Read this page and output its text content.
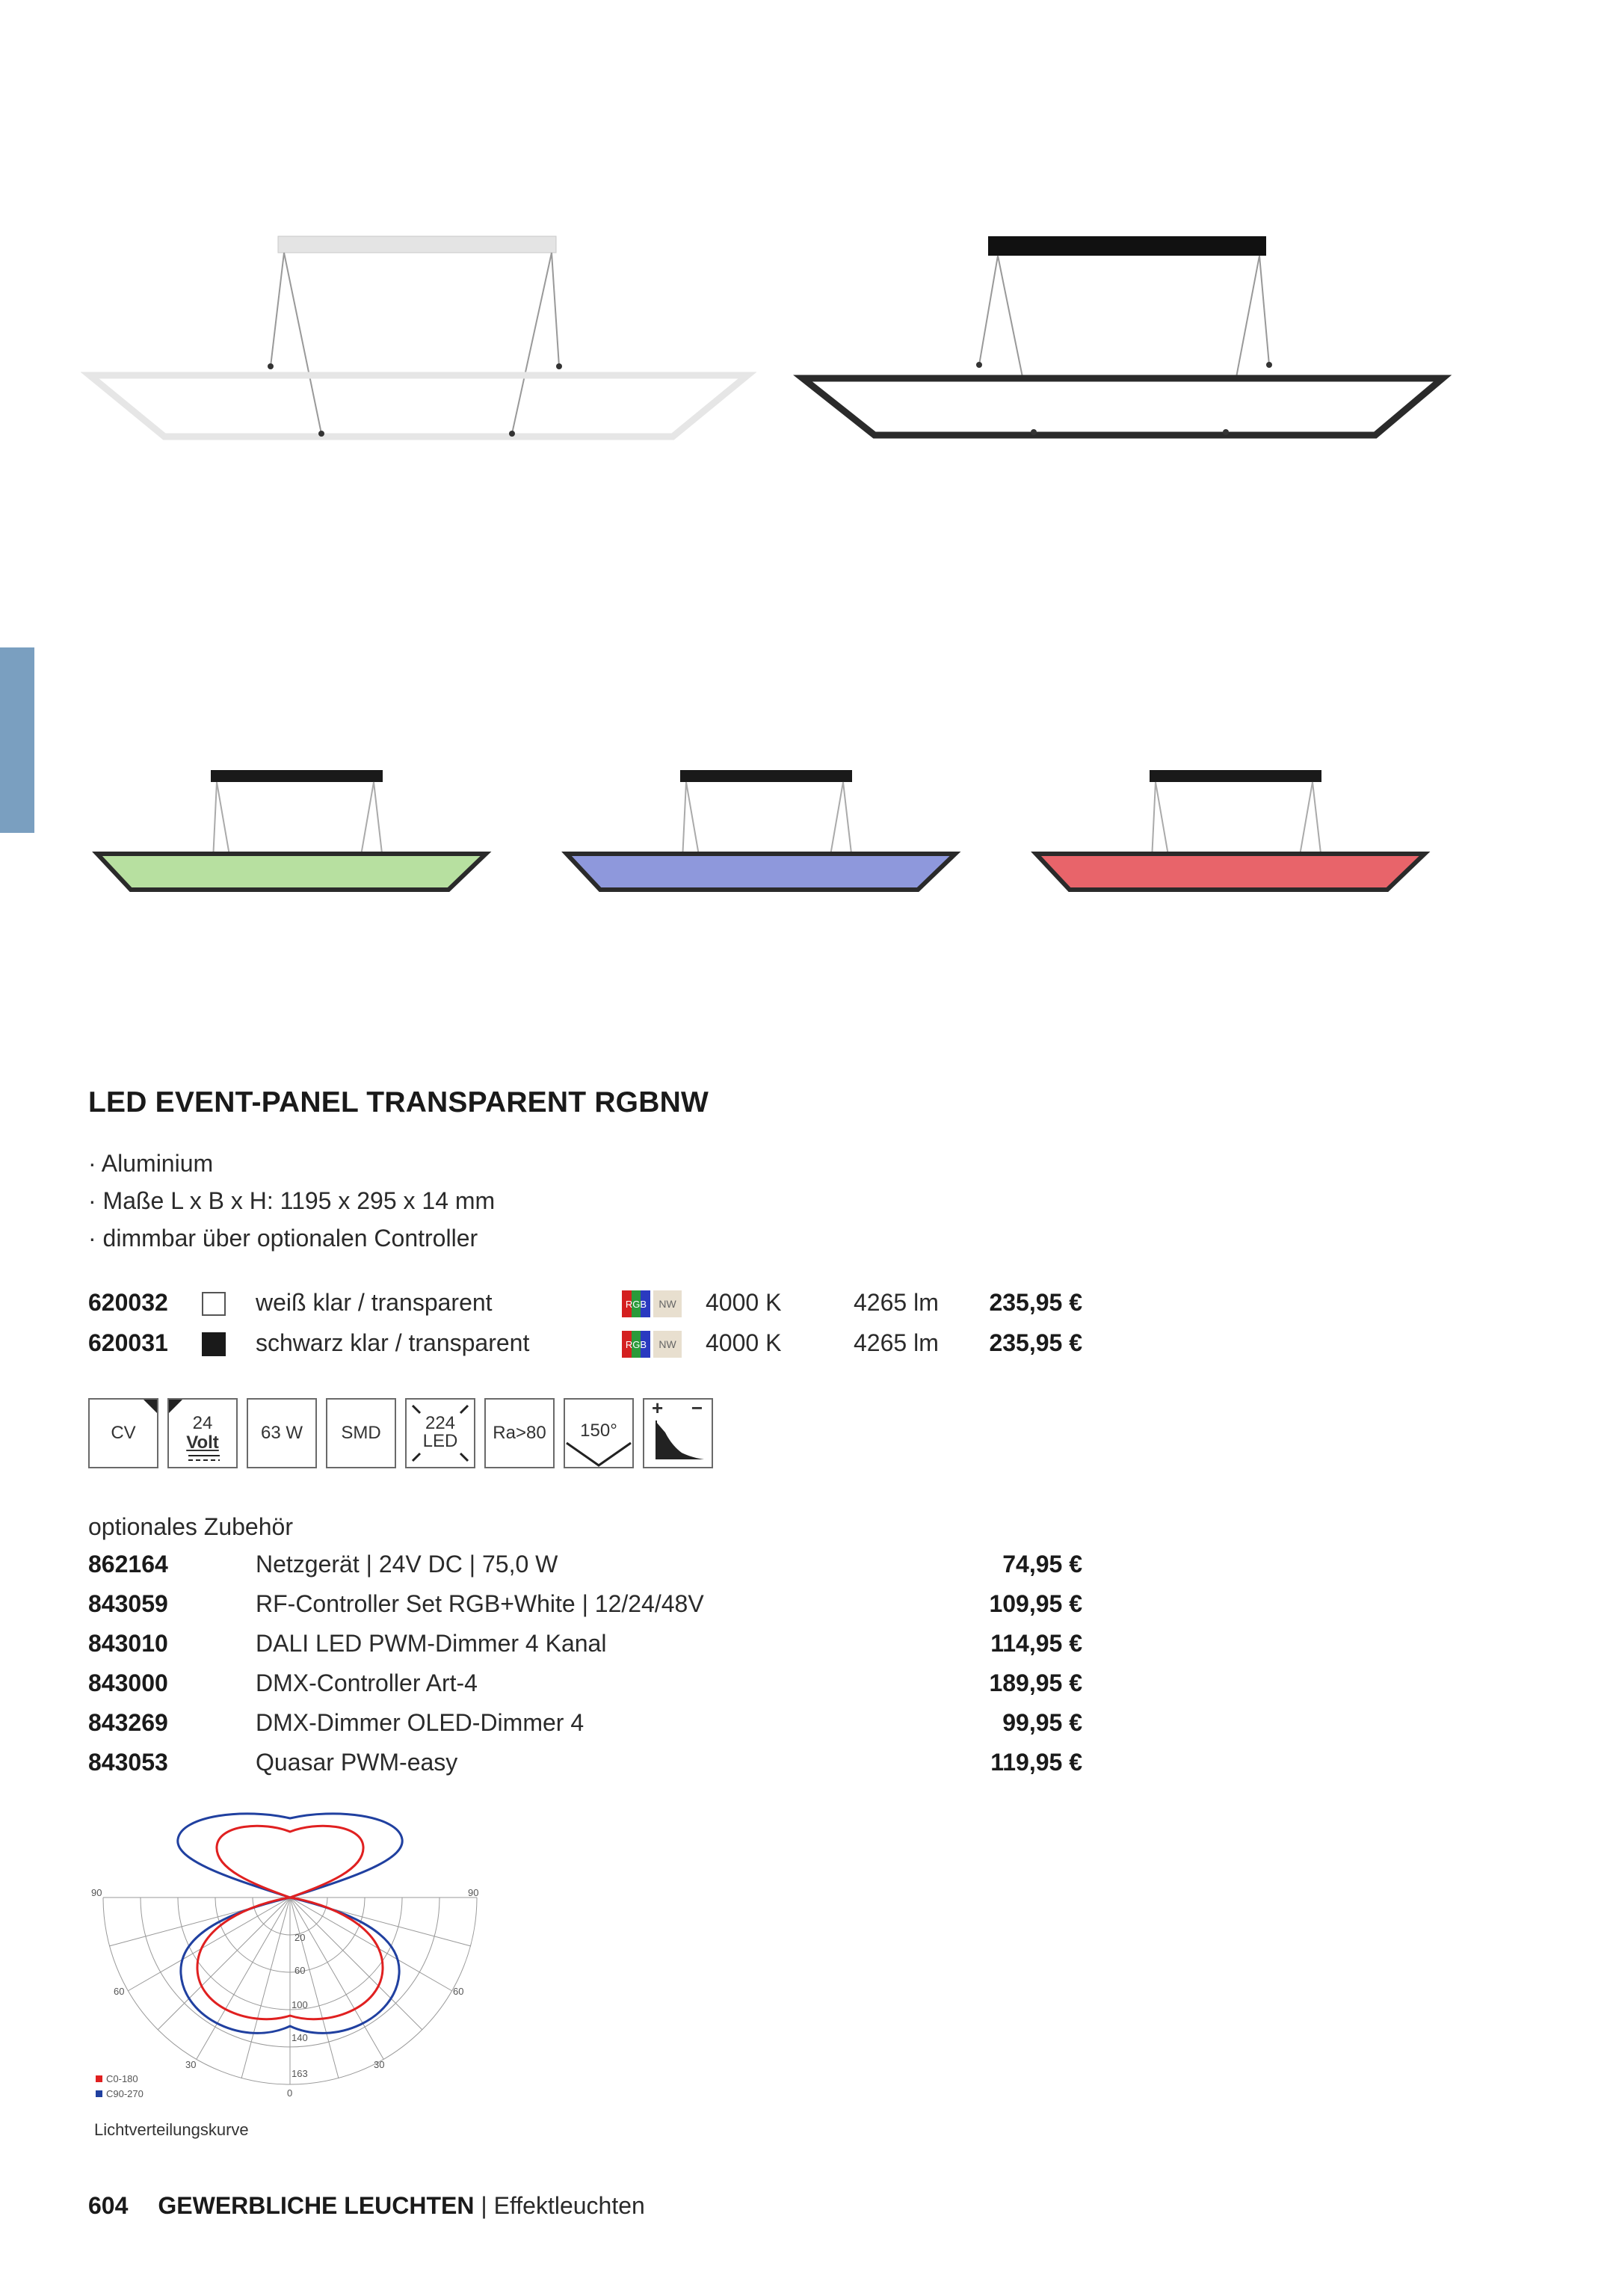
LED EVENT-PANEL TRANSPARENT RGBNW
· Aluminium
· Maße L x B x H: 1195 x 295 x 14 mm
· dimmbar über optionalen Controller
620032	weiß klar / transparent	RGB	NW 4000 K	4265 lm 235,95 €
620031	schwarz klar / transparent	RGB	NW 4000 K	4265 lm 235,95 €
CV	24
Volt	63 W	SMD	224
LED	Ra>80	150°
+ −
optionales Zubehör
862164	Netzgerät | 24V DC | 75,0 W	74,95 €
843059	RF-Controller Set RGB+White | 12/24/48V	109,95 €
843010	DALI LED PWM-Dimmer 4 Kanal	114,95 €
843000	DMX-Controller Art-4	189,95 €
843269	DMX-Dimmer OLED-Dimmer 4	99,95 €
843053	Quasar PWM-easy	119,95 €
90	90
60	60
30	30
0
20
60
100
140
163
C0-180
C90-270
Lichtverteilungskurve
604 GEWERBLICHE LEUCHTEN | Effektleuchten
